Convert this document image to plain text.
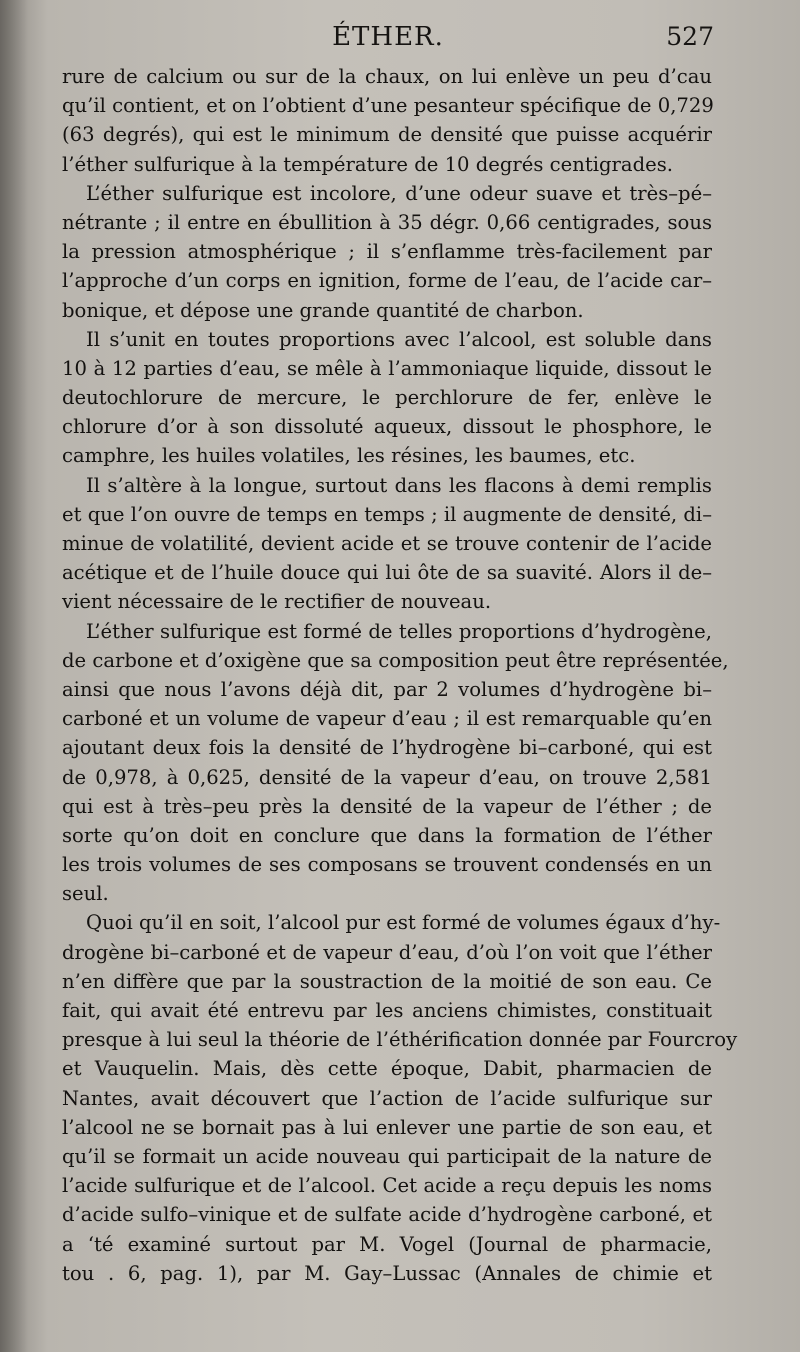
ÉTHER.	527
rure de calcium ou sur de la chaux, on lui enlève un peu d’cau
qu’il contient, et on l’obtient d’une pesanteur spécifique de 0,729
(63 degrés), qui est le minimum de densité que puisse acquérir
l’éther sulfurique à la température de 10 degrés centigrades.
L’éther sulfurique est incolore, d’une odeur suave et très–pé–
nétrante ; il entre en ébullition à 35 dégr. 0,66 centigrades, sous
la pression atmosphérique ; il s’enflamme très-facilement par
l’approche d’un corps en ignition, forme de l’eau, de l’acide car–
bonique, et dépose une grande quantité de charbon.
Il s’unit en toutes proportions avec l’alcool, est soluble dans
10 à 12 parties d’eau, se mêle à l’ammoniaque liquide, dissout le
deutochlorure de mercure, le perchlorure de fer, enlève le
chlorure d’or à son dissoluté aqueux, dissout le phosphore, le
camphre, les huiles volatiles, les résines, les baumes, etc.
Il s’altère à la longue, surtout dans les flacons à demi remplis
et que l’on ouvre de temps en temps ; il augmente de densité, di–
minue de volatilité, devient acide et se trouve contenir de l’acide
acétique et de l’huile douce qui lui ôte de sa suavité. Alors il de–
vient nécessaire de le rectifier de nouveau.
L’éther sulfurique est formé de telles proportions d’hydrogène,
de carbone et d’oxigène que sa composition peut être représentée,
ainsi que nous l’avons déjà dit, par 2 volumes d’hydrogène bi–
carboné et un volume de vapeur d’eau ; il est remarquable qu’en
ajoutant deux fois la densité de l’hydrogène bi–carboné, qui est
de 0,978, à 0,625, densité de la vapeur d’eau, on trouve 2,581
qui est à très–peu près la densité de la vapeur de l’éther ; de
sorte qu’on doit en conclure que dans la formation de l’éther
les trois volumes de ses composans se trouvent condensés en un
seul.
Quoi qu’il en soit, l’alcool pur est formé de volumes égaux d’hy-
drogène bi–carboné et de vapeur d’eau, d’où l’on voit que l’éther
n’en diffère que par la soustraction de la moitié de son eau. Ce
fait, qui avait été entrevu par les anciens chimistes, constituait
presque à lui seul la théorie de l’éthérification donnée par Fourcroy
et Vauquelin. Mais, dès cette époque, Dabit, pharmacien de
Nantes, avait découvert que l’action de l’acide sulfurique sur
l’alcool ne se bornait pas à lui enlever une partie de son eau, et
qu’il se formait un acide nouveau qui participait de la nature de
l’acide sulfurique et de l’alcool. Cet acide a reçu depuis les noms
d’acide sulfo–vinique et de sulfate acide d’hydrogène carboné, et
a ‘té examiné surtout par M. Vogel (Journal de pharmacie,
tou . 6, pag. 1), par M. Gay–Lussac (Annales de chimie et
